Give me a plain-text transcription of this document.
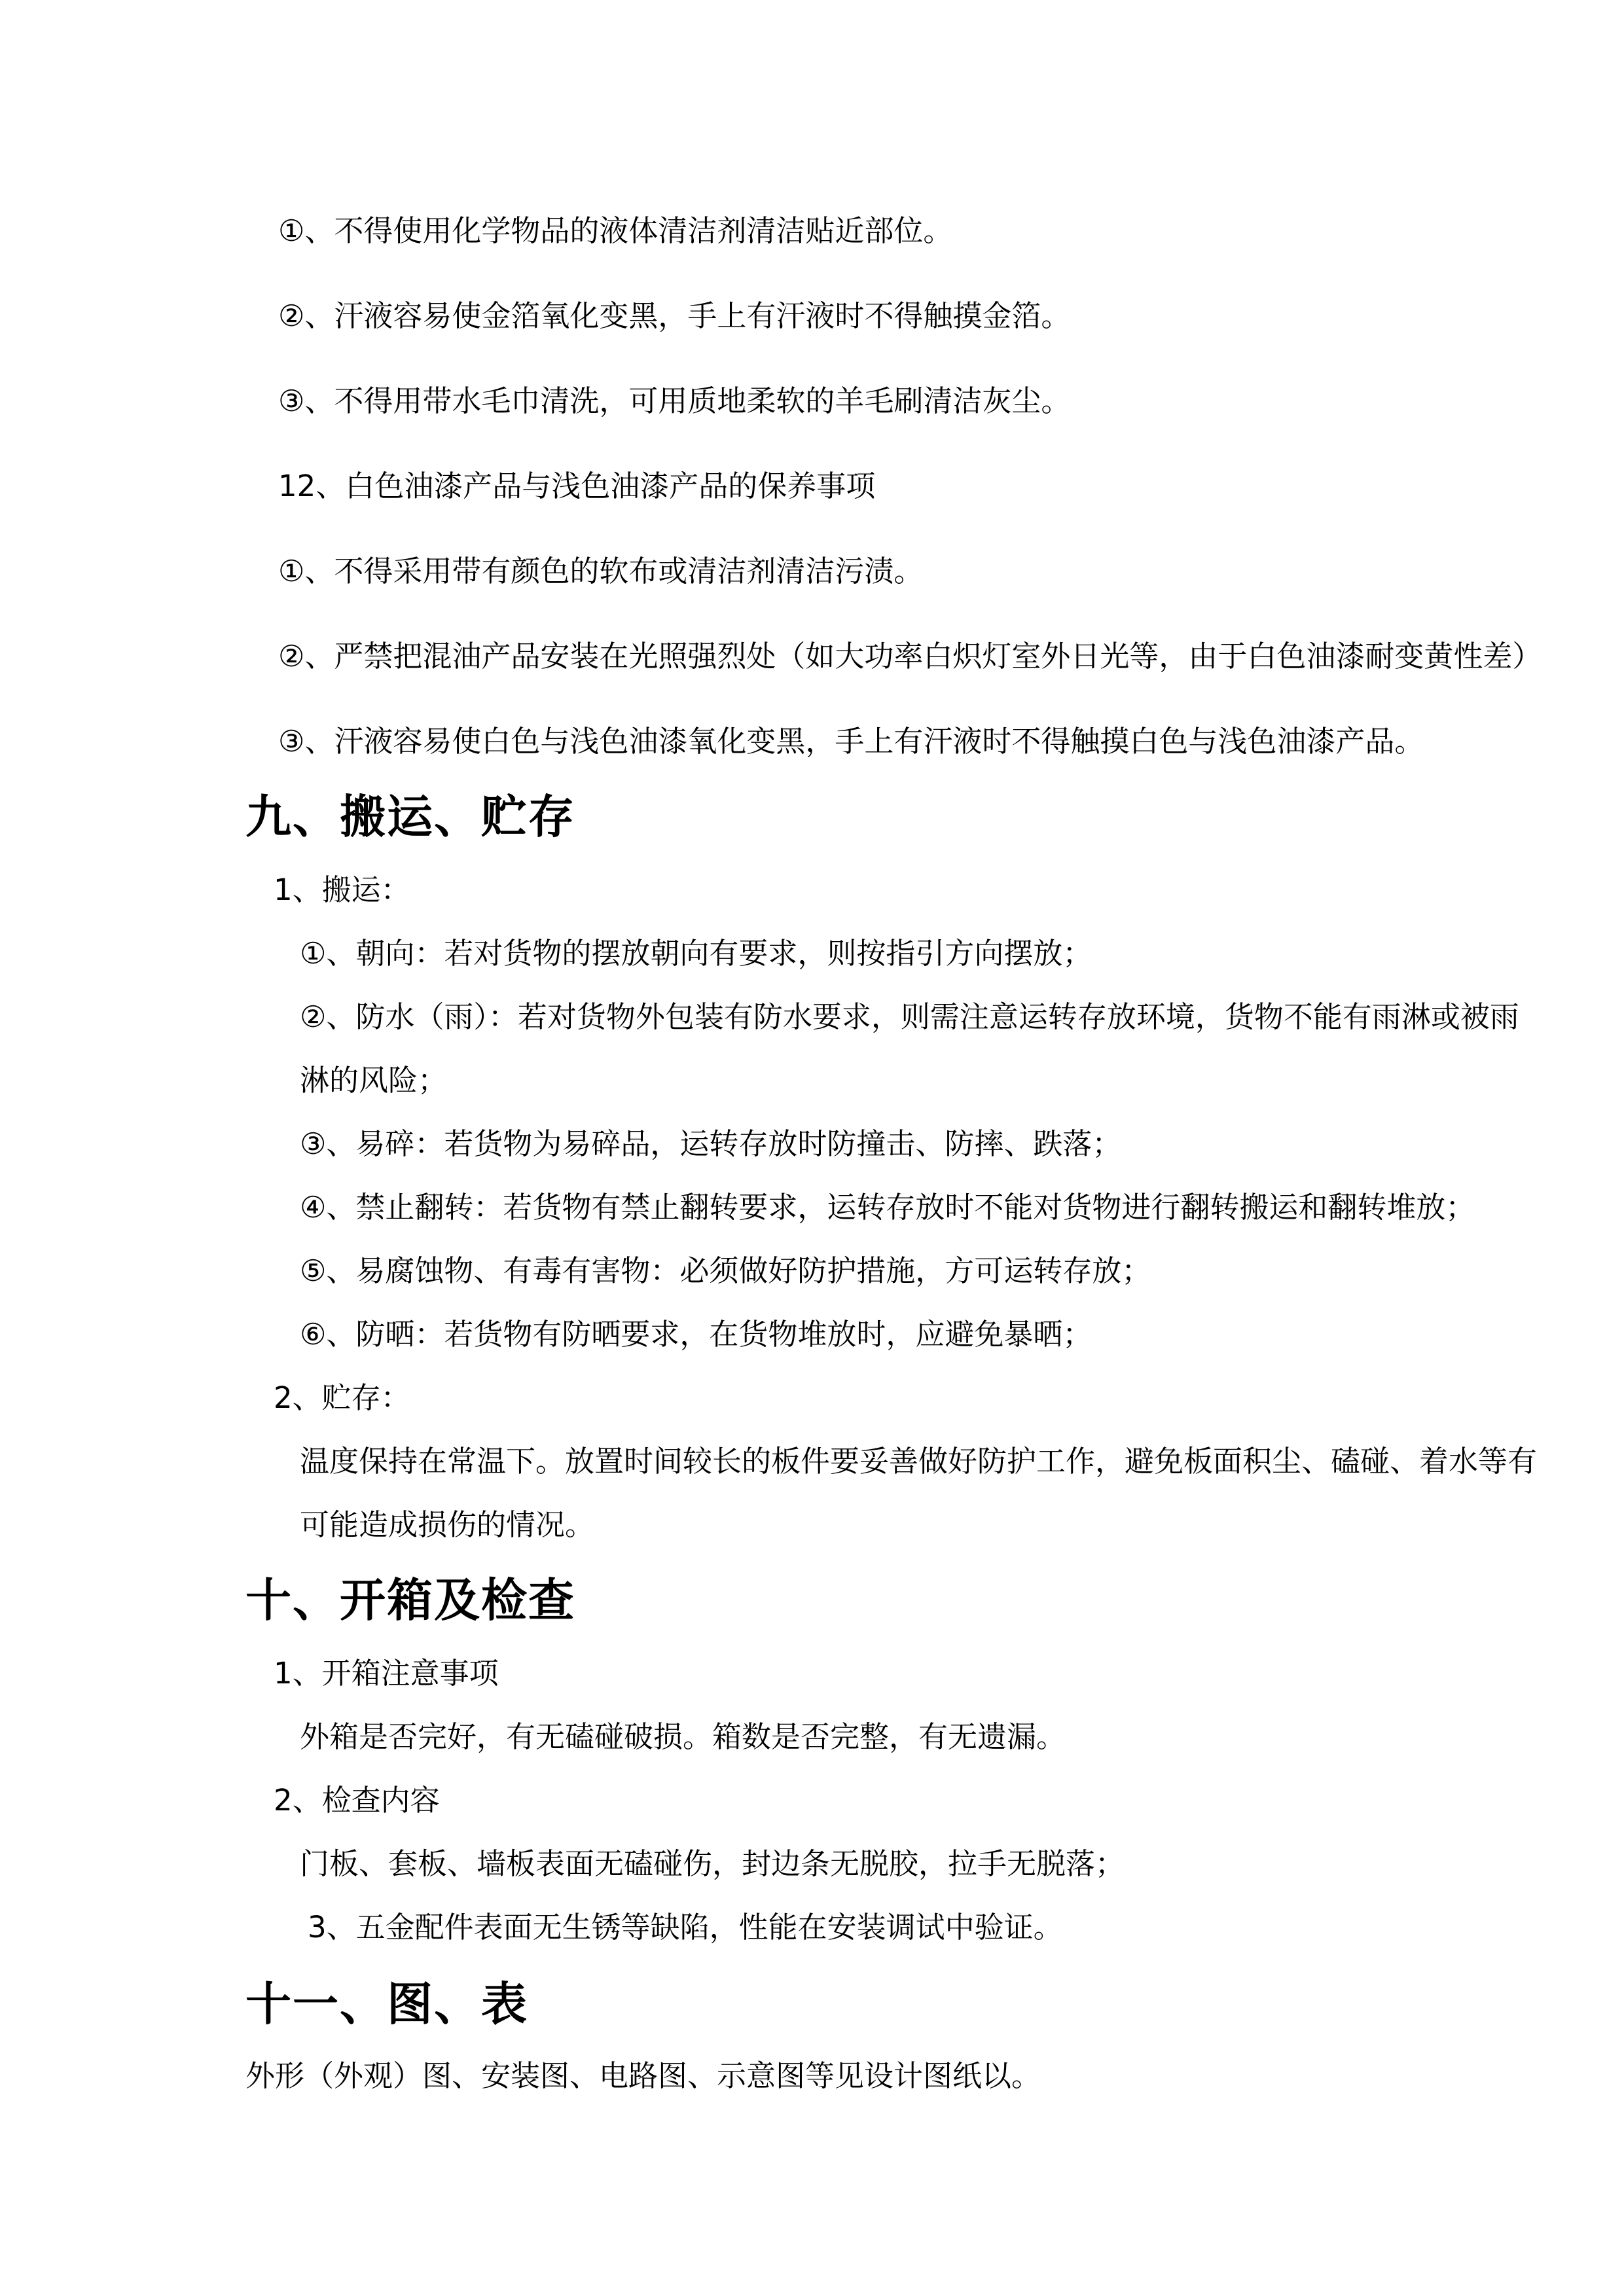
①、不得使用化学物品的液体清洁剂清洁贴近部位。
②、汗液容易使金箔氧化变黑，手上有汗液时不得触摸金箔。
③、不得用带水毛巾清洗，可用质地柔软的羊毛刷清洁灰尘。
12、白色油漆产品与浅色油漆产品的保养事项
①、不得采用带有颜色的软布或清洁剂清洁污渍。
②、严禁把混油产品安装在光照强烈处（如大功率白炽灯室外日光等，由于白色油漆耐变黄性差）
③、汗液容易使白色与浅色油漆氧化变黑，手上有汗液时不得触摸白色与浅色油漆产品。
九、搬运、贮存
1、搬运：
①、朝向：若对货物的摆放朝向有要求，则按指引方向摆放；
②、防水（雨）：若对货物外包装有防水要求，则需注意运转存放环境，货物不能有雨淋或被雨
淋的风险；
③、易碎：若货物为易碎品，运转存放时防撞击、防摔、跌落；
④、禁止翻转：若货物有禁止翻转要求，运转存放时不能对货物进行翻转搬运和翻转堆放；
⑤、易腐蚀物、有毒有害物：必须做好防护措施，方可运转存放；
⑥、防晒：若货物有防晒要求，在货物堆放时，应避免暴晒；
2、贮存：
温度保持在常温下。放置时间较长的板件要妥善做好防护工作，避免板面积尘、磕碰、着水等有
可能造成损伤的情况。
十、开箱及检查
1、开箱注意事项
外箱是否完好，有无磕碰破损。箱数是否完整，有无遗漏。
2、检查内容
门板、套板、墙板表面无磕碰伤，封边条无脱胶，拉手无脱落；
3、五金配件表面无生锈等缺陷，性能在安装调试中验证。
十一、图、表
外形（外观）图、安装图、电路图、示意图等见设计图纸以。
